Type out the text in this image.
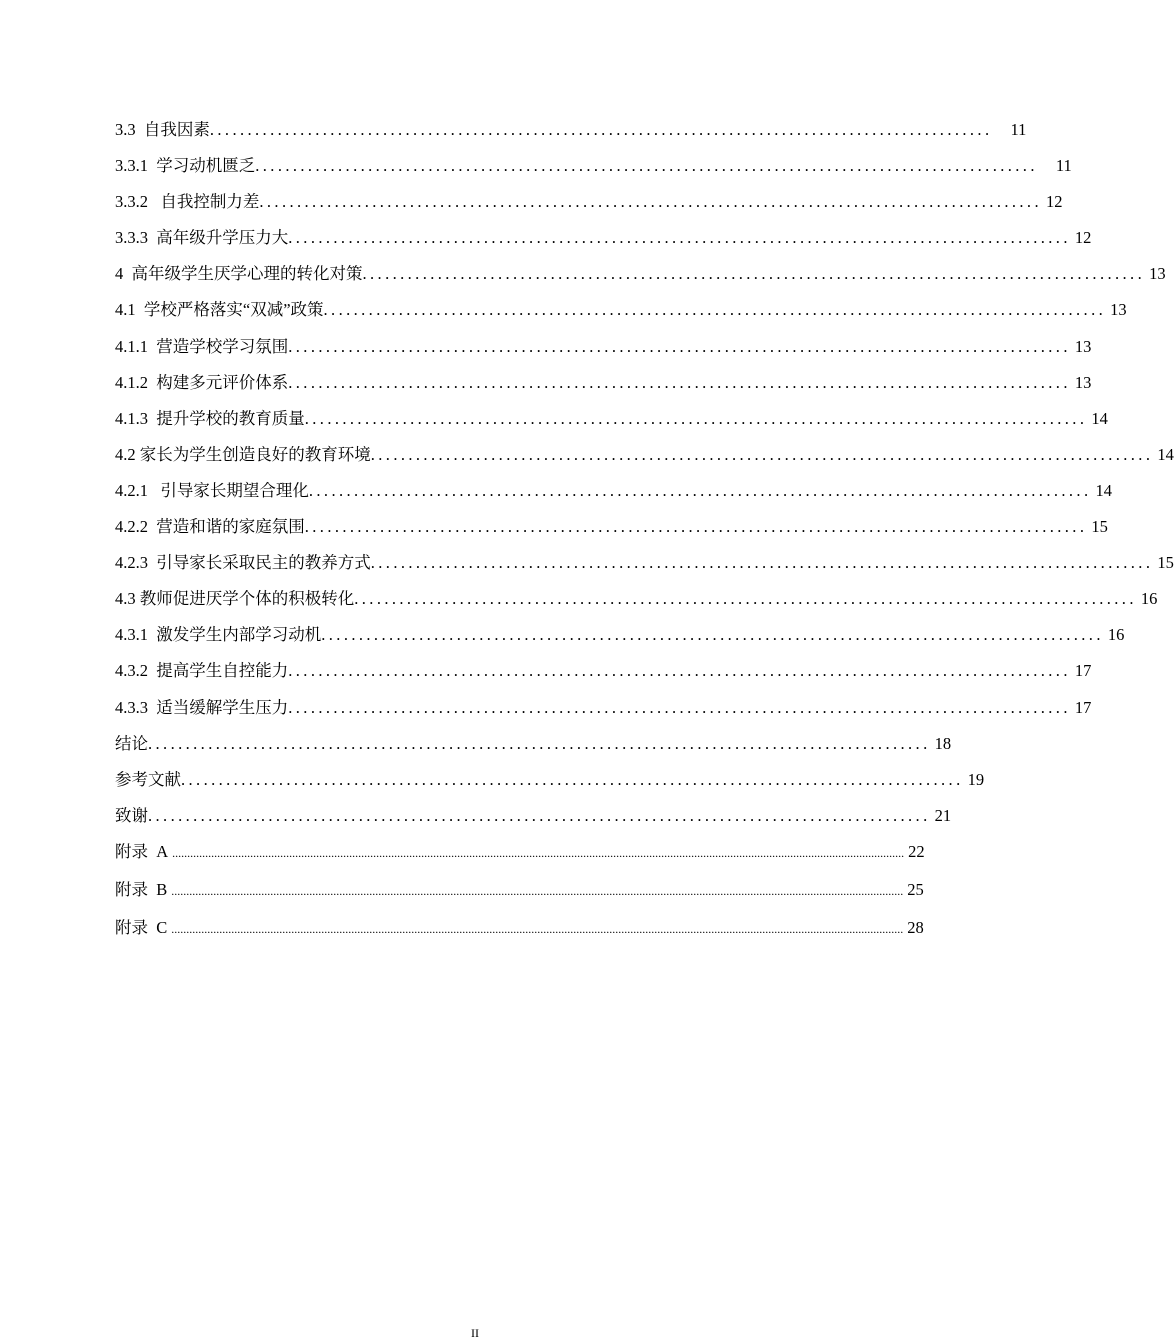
3.3  自我因素 ........................................................................................................	11
3.3.1  学习动机匮乏 ........................................................................................................	11
3.3.2   自我控制力差 ........................................................................................................ 12
3.3.3  高年级升学压力大 ........................................................................................................ 12
4  高年级学生厌学心理的转化对策 ........................................................................................................ 13
4.1  学校严格落实“双减”政策 ........................................................................................................ 13
4.1.1  营造学校学习氛围 ........................................................................................................ 13
4.1.2  构建多元评价体系 ........................................................................................................ 13
4.1.3  提升学校的教育质量 ........................................................................................................ 14
4.2 家长为学生创造良好的教育环境 ........................................................................................................ 14
4.2.1   引导家长期望合理化 ........................................................................................................ 14
4.2.2  营造和谐的家庭氛围 ........................................................................................................ 15
4.2.3  引导家长采取民主的教养方式 ........................................................................................................ 15
4.3 教师促进厌学个体的积极转化 ........................................................................................................ 16
4.3.1  激发学生内部学习动机 ........................................................................................................ 16
4.3.2  提高学生自控能力 ........................................................................................................ 17
4.3.3  适当缓解学生压力 ........................................................................................................ 17
结论 ........................................................................................................ 18
参考文献 ........................................................................................................ 19
致谢 ........................................................................................................ 21
附录  A .................................................................................................................................................................................................................................................... 22
附录  B .................................................................................................................................................................................................................................................... 25
附录  C .................................................................................................................................................................................................................................................... 28
II
